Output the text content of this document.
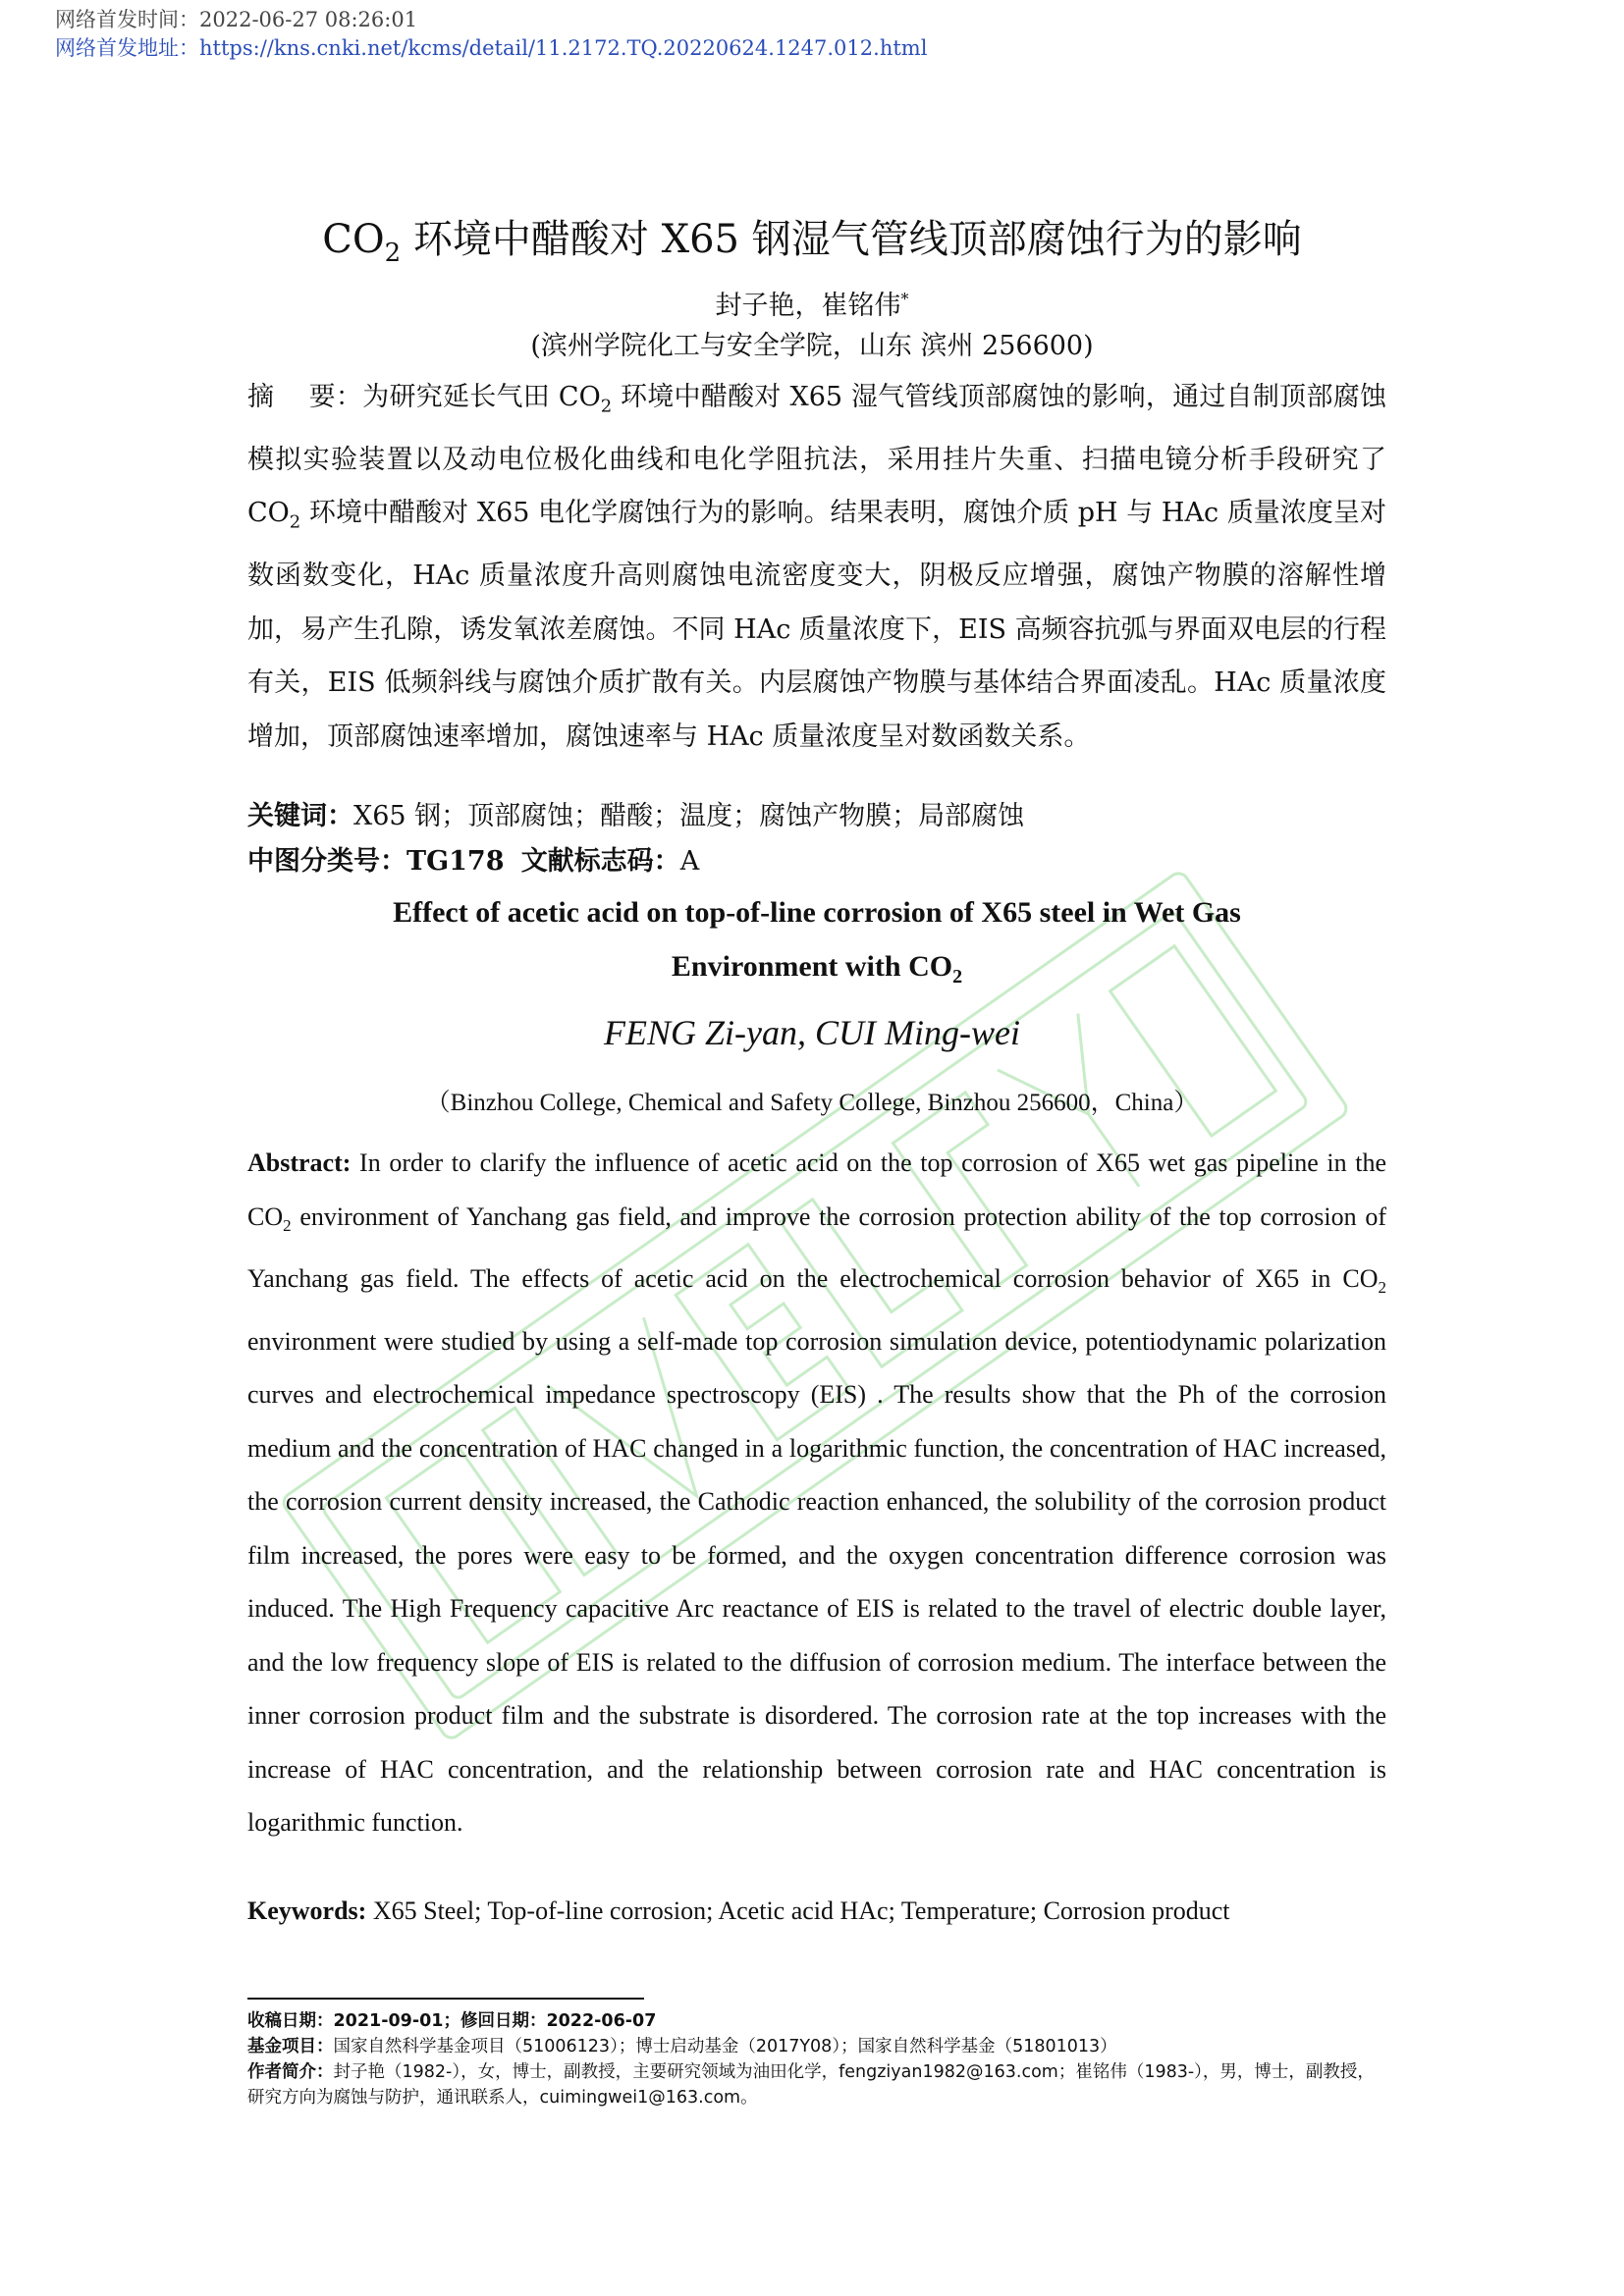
网络首发时间：2022-06-27 08:26:01
网络首发地址：https://kns.cnki.net/kcms/detail/11.2172.TQ.20220624.1247.012.html
$CO_2$ 环境中醋酸对 X65 钢湿气管线顶部腐蚀行为的影响
封子艳，崔铭伟*
(滨州学院化工与安全学院，山东 滨州 256600)
摘    要：为研究延长气田 $CO_2$ 环境中醋酸对 X65 湿气管线顶部腐蚀的影响，通过自制顶部腐蚀模拟实验装置以及动电位极化曲线和电化学阻抗法，采用挂片失重、扫描电镜分析手段研究了 $CO_2$ 环境中醋酸对 X65 电化学腐蚀行为的影响。结果表明，腐蚀介质 pH 与 HAc 质量浓度呈对数函数变化，HAc 质量浓度升高则腐蚀电流密度变大，阴极反应增强，腐蚀产物膜的溶解性增加，易产生孔隙，诱发氧浓差腐蚀。不同 HAc 质量浓度下，EIS 高频容抗弧与界面双电层的行程有关，EIS 低频斜线与腐蚀介质扩散有关。内层腐蚀产物膜与基体结合界面凌乱。HAc 质量浓度增加，顶部腐蚀速率增加，腐蚀速率与 HAc 质量浓度呈对数函数关系。
关键词：X65 钢；顶部腐蚀；醋酸；温度；腐蚀产物膜；局部腐蚀
中图分类号：TG178 文献标志码：A
Effect of acetic acid on top-of-line corrosion of X65 steel in Wet Gas
Environment with $CO_2$
FENG Zi-yan, CUI Ming-wei
（Binzhou College, Chemical and Safety College, Binzhou 256600，China）
Abstract: In order to clarify the influence of acetic acid on the top corrosion of X65 wet gas pipeline in the $CO_2$ environment of Yanchang gas field, and improve the corrosion protection ability of the top corrosion of Yanchang gas field. The effects of acetic acid on the electrochemical corrosion behavior of X65 in $CO_2$ environment were studied by using a self-made top corrosion simulation device, potentiodynamic polarization curves and electrochemical impedance spectroscopy (EIS) . The results show that the Ph of the corrosion medium and the concentration of HAC changed in a logarithmic function, the concentration of HAC increased, the corrosion current density increased, the Cathodic reaction enhanced, the solubility of the corrosion product film increased, the pores were easy to be formed, and the oxygen concentration difference corrosion was induced. The High Frequency capacitive Arc reactance of EIS is related to the travel of electric double layer, and the low frequency slope of EIS is related to the diffusion of corrosion medium. The interface between the inner corrosion product film and the substrate is disordered. The corrosion rate at the top increases with the increase of HAC concentration, and the relationship between corrosion rate and HAC concentration is logarithmic function.
Keywords: X65 Steel; Top-of-line corrosion; Acetic acid HAc; Temperature; Corrosion product
收稿日期：2021-09-01；修回日期：2022-06-07
基金项目：国家自然科学基金项目（51006123）；博士启动基金（2017Y08）；国家自然科学基金（51801013）
作者简介：封子艳（1982-），女，博士，副教授，主要研究领域为油田化学，fengziyan1982@163.com；崔铭伟（1983-），男，博士，副教授，研究方向为腐蚀与防护，通讯联系人，cuimingwei1@163.com。
